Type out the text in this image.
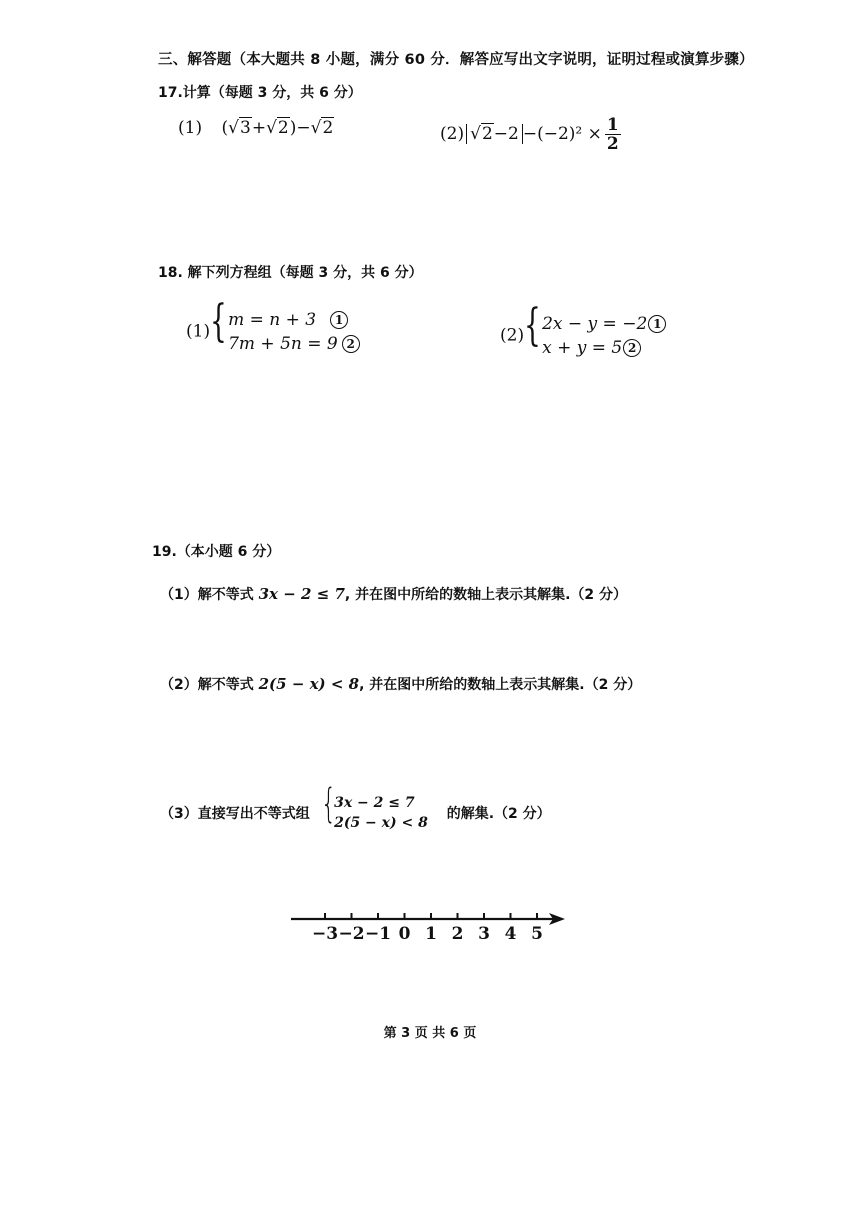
三、解答题（本大题共 8 小题，满分 60 分．解答应写出文字说明，证明过程或演算步骤）
17.计算（每题 3 分，共 6 分）
(1) (√3+√2)−√2	(2) $√2-2 -(-2)^2 \times \frac{1}{2}$
18. 解下列方程组（每题 3 分，共 6 分）
(1){ m = n + 3 1
7m + 5n = 9 2	(2){ 2x − y = −2 1
x + y = 5 2
19.（本小题 6 分）
（1）解不等式 3x − 2 ≤ 7, 并在图中所给的数轴上表示其解集.（2 分）
（2）解不等式 2(5 − x) < 8, 并在图中所给的数轴上表示其解集.（2 分）
（3）直接写出不等式组 {
3x − 2 ≤ 7
2(5 − x) < 8
的解集.（2 分）
−3 −2 −1 0 1 2 3 4 5
第 3 页 共 6 页
